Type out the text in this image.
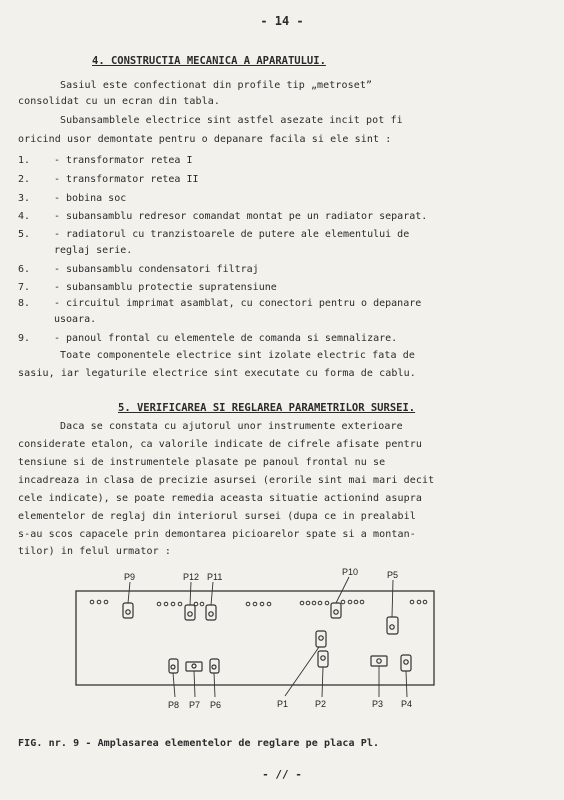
- 14 -
4. CONSTRUCTIA MECANICA A APARATULUI.
Sasiul este confectionat din profile tip „metroset”
consolidat cu un ecran din tabla.
Subansamblele electrice sint astfel asezate incit pot fi
oricind usor demontate pentru o depanare facila si ele sint :
1. - transformator retea I
2. - transformator retea II
3. - bobina soc
4. - subansamblu redresor comandat montat pe un radiator separat.
5. - radiatorul cu tranzistoarele de putere ale elementului de
reglaj serie.
6. - subansamblu condensatori filtraj
7. - subansamblu protectie supratensiune
8. - circuitul imprimat asamblat, cu conectori pentru o depanare
usoara.
9. - panoul frontal cu elementele de comanda si semnalizare.
Toate componentele electrice sint izolate electric fata de
sasiu, iar legaturile electrice sint executate cu forma de cablu.
5. VERIFICAREA SI REGLAREA PARAMETRILOR SURSEI.
Daca se constata cu ajutorul unor instrumente exterioare
considerate etalon, ca valorile indicate de cifrele afisate pentru
tensiune si de instrumentele plasate pe panoul frontal nu se
incadreaza in clasa de precizie asursei (erorile sint mai mari decit
cele indicate), se poate remedia aceasta situatie actionind asupra
elementelor de reglaj din interiorul sursei (dupa ce in prealabil
s-au scos capacele prin demontarea picioarelor spate si a montan-
tilor) in felul urmator :
P9	P12 P11	P10	P5
P8 P7 P6	P1	P2	P3 P4
FIG. nr. 9 - Amplasarea elementelor de reglare pe placa Pl.
- // -
